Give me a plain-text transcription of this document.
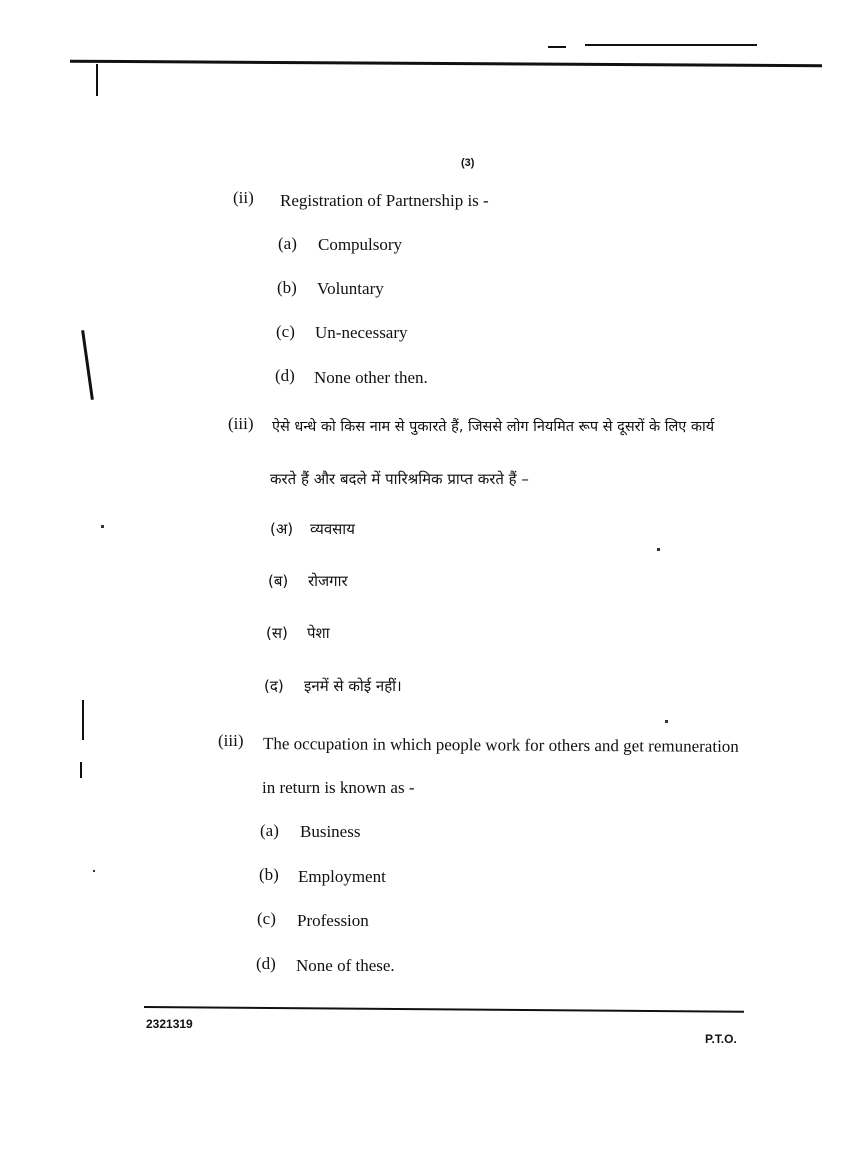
(3)
(ii) Registration of Partnership is -
(a) Compulsory
(b) Voluntary
(c) Un-necessary
(d) None other then.
(iii) ऐसे धन्धे को किस नाम से पुकारते हैं, जिससे लोग नियमित रूप से दूसरों के लिए कार्य
करते हैं और बदले में पारिश्रमिक प्राप्त करते हैं –
(अ) व्यवसाय
(ब) रोजगार
(स) पेशा
(द) इनमें से कोई नहीं।
(iii) The occupation in which people work for others and get remuneration
in return is known as -
(a) Business
(b) Employment
(c) Profession
(d) None of these.
2321319
P.T.O.
